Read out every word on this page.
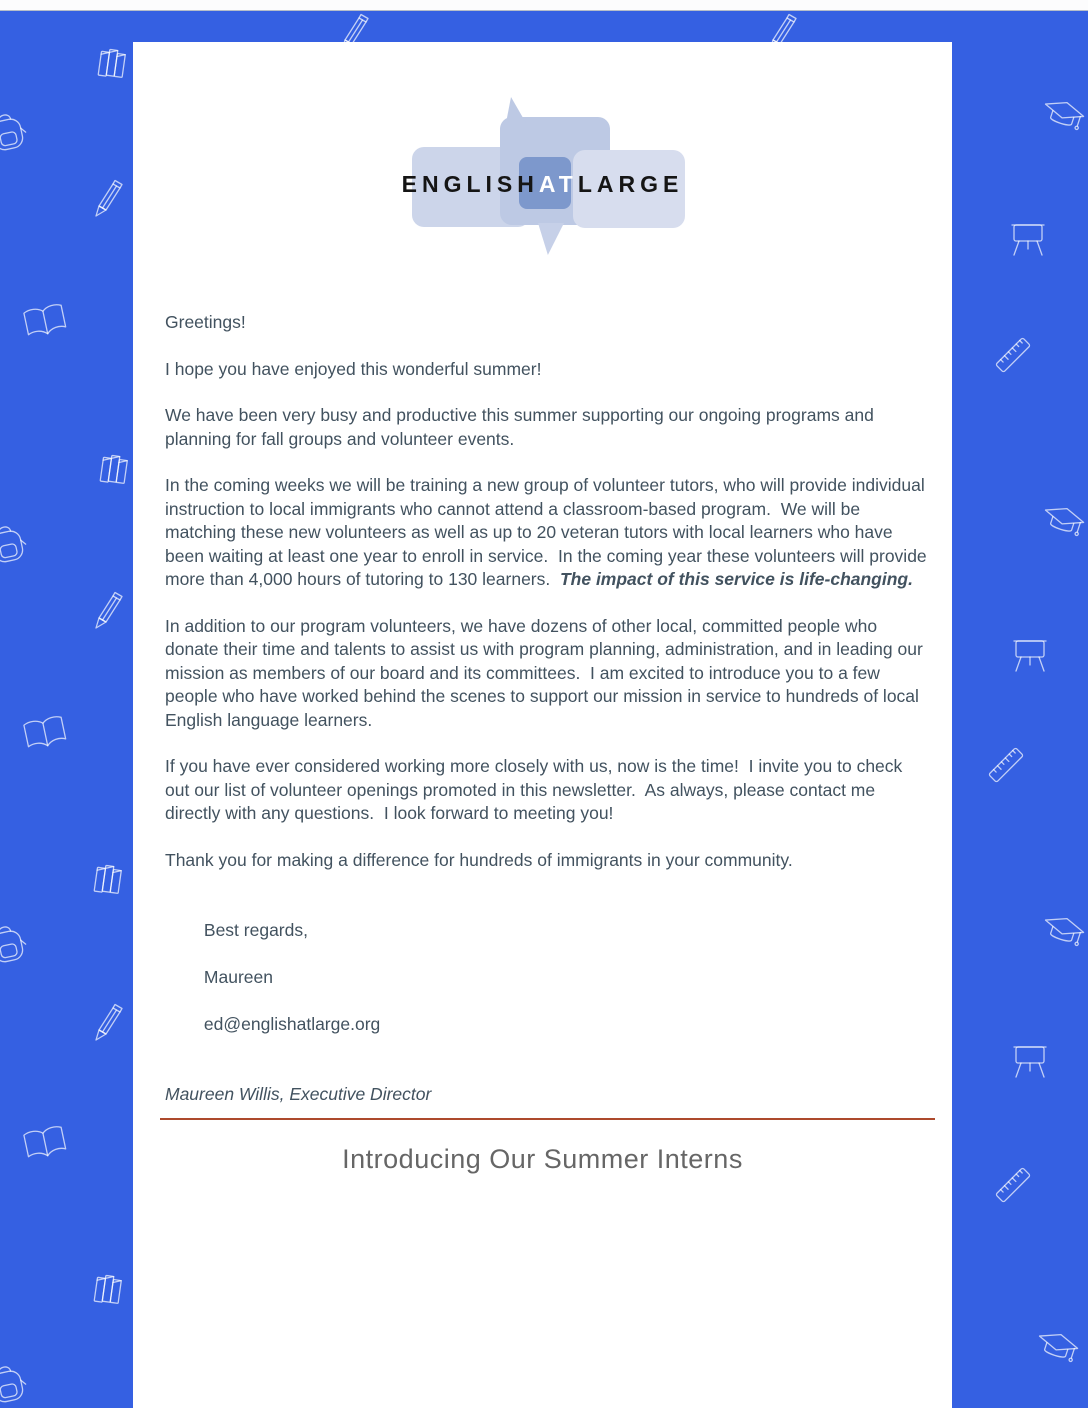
ENGLISHATLARGE

Greetings!

I hope you have enjoyed this wonderful summer!

We have been very busy and productive this summer supporting our ongoing programs and planning for fall groups and volunteer events.

In the coming weeks we will be training a new group of volunteer tutors, who will provide individual instruction to local immigrants who cannot attend a classroom-based program.  We will be matching these new volunteers as well as up to 20 veteran tutors with local learners who have been waiting at least one year to enroll in service.  In the coming year these volunteers will provide more than 4,000 hours of tutoring to 130 learners.  The impact of this service is life-changing.

In addition to our program volunteers, we have dozens of other local, committed people who donate their time and talents to assist us with program planning, administration, and in leading our mission as members of our board and its committees.  I am excited to introduce you to a few people who have worked behind the scenes to support our mission in service to hundreds of local English language learners.

If you have ever considered working more closely with us, now is the time!  I invite you to check out our list of volunteer openings promoted in this newsletter.  As always, please contact me directly with any questions.  I look forward to meeting you!

Thank you for making a difference for hundreds of immigrants in your community.

Best regards,

Maureen

ed@englishatlarge.org

Maureen Willis, Executive Director

Introducing Our Summer Interns
